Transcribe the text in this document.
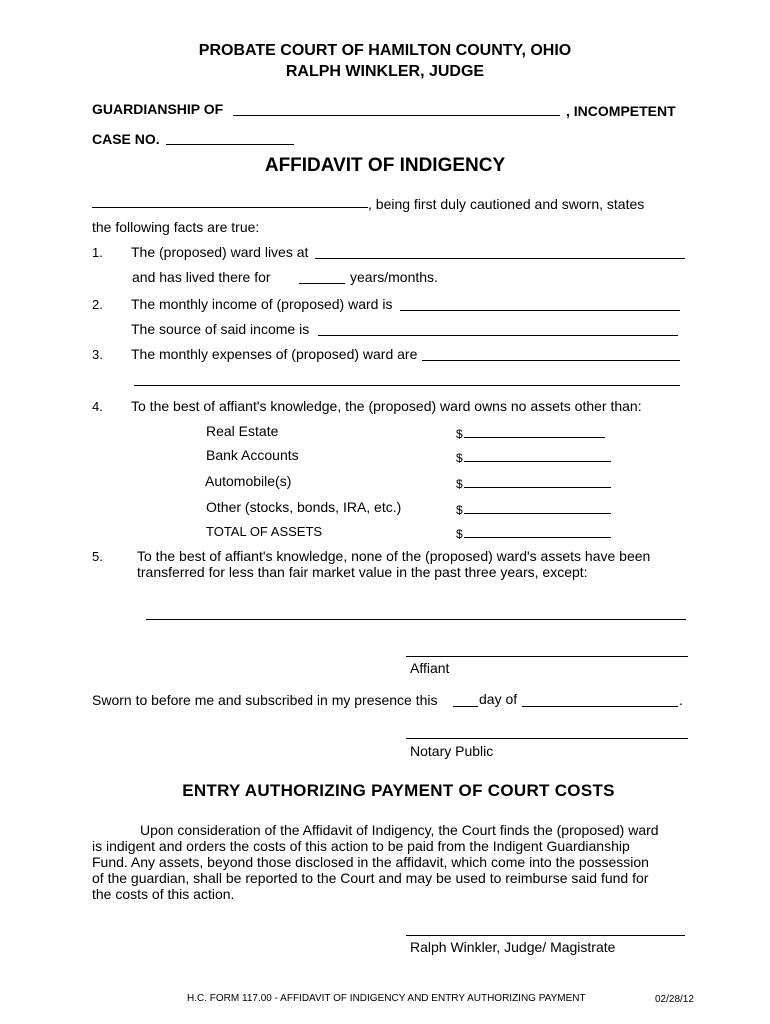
PROBATE COURT OF HAMILTON COUNTY, OHIO
RALPH WINKLER, JUDGE
GUARDIANSHIP OF	, INCOMPETENT
CASE NO.
AFFIDAVIT OF INDIGENCY
, being first duly cautioned and sworn, states
the following facts are true:
1. The (proposed) ward lives at
and has lived there for	years/months.
2. The monthly income of (proposed) ward is
The source of said income is
3. The monthly expenses of (proposed) ward are
4. To the best of affiant's knowledge, the (proposed) ward owns no assets other than:
Real Estate	$
Bank Accounts	$
Automobile(s)	$
Other (stocks, bonds, IRA, etc.)	$
TOTAL OF ASSETS	$
5. To the best of affiant's knowledge, none of the (proposed) ward's assets have been
transferred for less than fair market value in the past three years, except:
Affiant
Sworn to before me and subscribed in my presence this	day of	.
Notary Public
ENTRY AUTHORIZING PAYMENT OF COURT COSTS
Upon consideration of the Affidavit of Indigency, the Court finds the (proposed) ward
is indigent and orders the costs of this action to be paid from the Indigent Guardianship
Fund. Any assets, beyond those disclosed in the affidavit, which come into the possession
of the guardian, shall be reported to the Court and may be used to reimburse said fund for
the costs of this action.
Ralph Winkler, Judge/ Magistrate
H.C. FORM 117.00 - AFFIDAVIT OF INDIGENCY AND ENTRY AUTHORIZING PAYMENT	02/28/12
